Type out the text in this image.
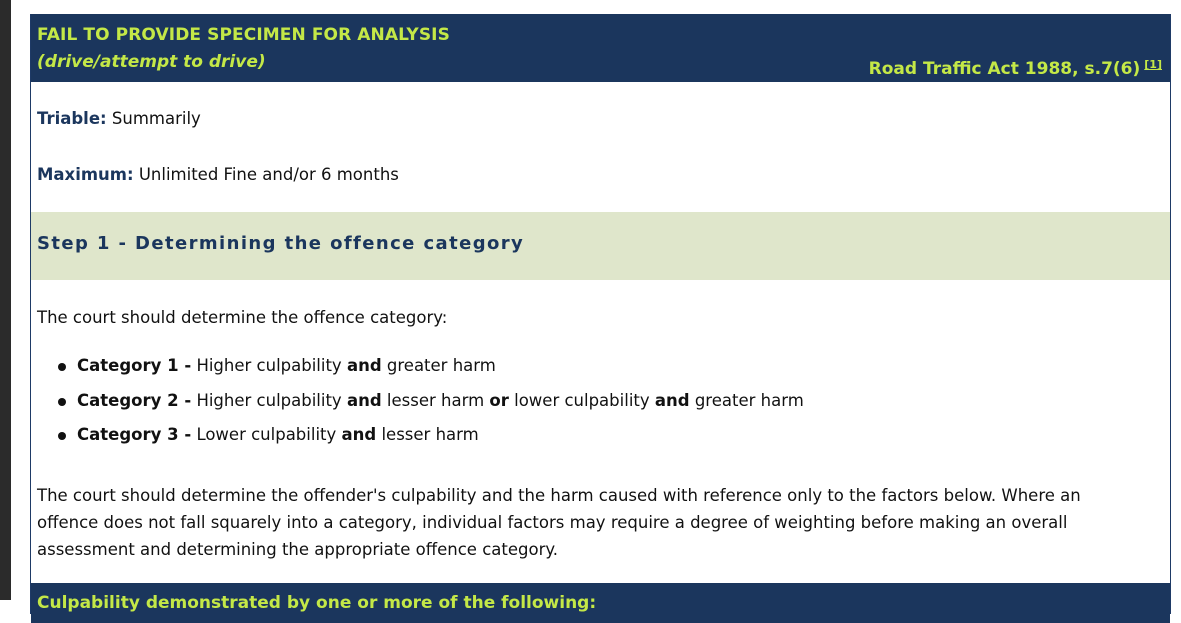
FAIL TO PROVIDE SPECIMEN FOR ANALYSIS
(drive/attempt to drive)	Road Traffic Act 1988, s.7(6) [1]
Triable: Summarily
Maximum: Unlimited Fine and/or 6 months
Step 1 - Determining the offence category
The court should determine the offence category:
Category 1 - Higher culpability and greater harm
Category 2 - Higher culpability and lesser harm or lower culpability and greater harm
Category 3 - Lower culpability and lesser harm
The court should determine the offender's culpability and the harm caused with reference only to the factors below. Where an offence does not fall squarely into a category, individual factors may require a degree of weighting before making an overall assessment and determining the appropriate offence category.
Culpability demonstrated by one or more of the following:
